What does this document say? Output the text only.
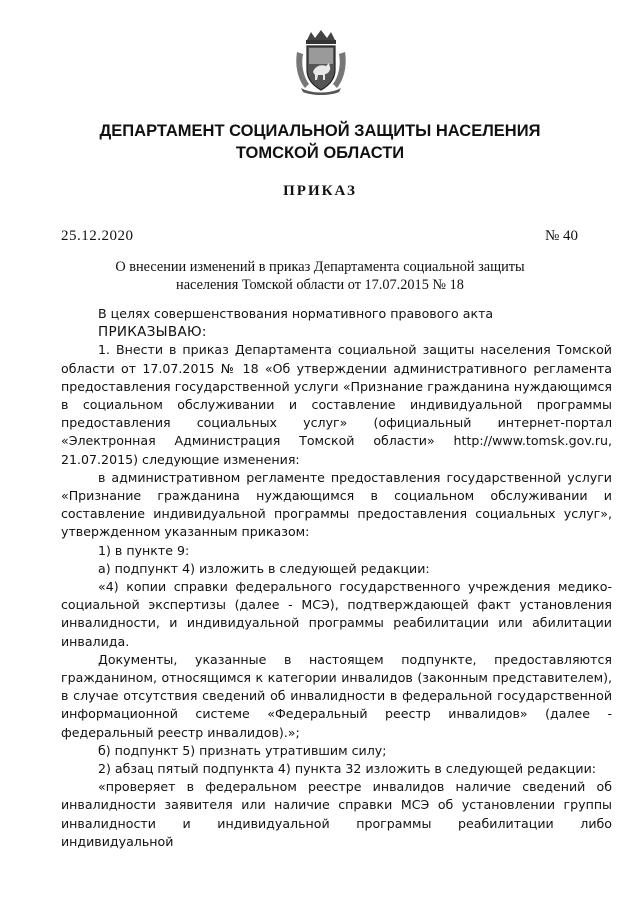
ДЕПАРТАМЕНТ СОЦИАЛЬНОЙ ЗАЩИТЫ НАСЕЛЕНИЯ
ТОМСКОЙ ОБЛАСТИ
ПРИКАЗ
25.12.2020	№ 40
О внесении изменений в приказ Департамента социальной защиты
населения Томской области от 17.07.2015 № 18

В целях совершенствования нормативного правового акта

ПРИКАЗЫВАЮ:

1. Внести в приказ Департамента социальной защиты населения Томской области от 17.07.2015 № 18 «Об утверждении административного регламента предоставления государственной услуги «Признание гражданина нуждающимся в социальном обслуживании и составление индивидуальной программы предоставления социальных услуг» (официальный интернет-портал «Электронная Администрация Томской области» http://www.tomsk.gov.ru, 21.07.2015) следующие изменения:

в административном регламенте предоставления государственной услуги «Признание гражданина нуждающимся в социальном обслуживании и составление индивидуальной программы предоставления социальных услуг», утвержденном указанным приказом:

1) в пункте 9:

а) подпункт 4) изложить в следующей редакции:

«4) копии справки федерального государственного учреждения медико-социальной экспертизы (далее - МСЭ), подтверждающей факт установления инвалидности, и индивидуальной программы реабилитации или абилитации инвалида.

Документы, указанные в настоящем подпункте, предоставляются гражданином, относящимся к категории инвалидов (законным представителем), в случае отсутствия сведений об инвалидности в федеральной государственной информационной системе «Федеральный реестр инвалидов» (далее - федеральный реестр инвалидов).»;

б) подпункт 5) признать утратившим силу;

2) абзац пятый подпункта 4) пункта 32 изложить в следующей редакции:

«проверяет в федеральном реестре инвалидов наличие сведений об инвалидности заявителя или наличие справки МСЭ об установлении группы инвалидности и индивидуальной программы реабилитации либо индивидуальной
